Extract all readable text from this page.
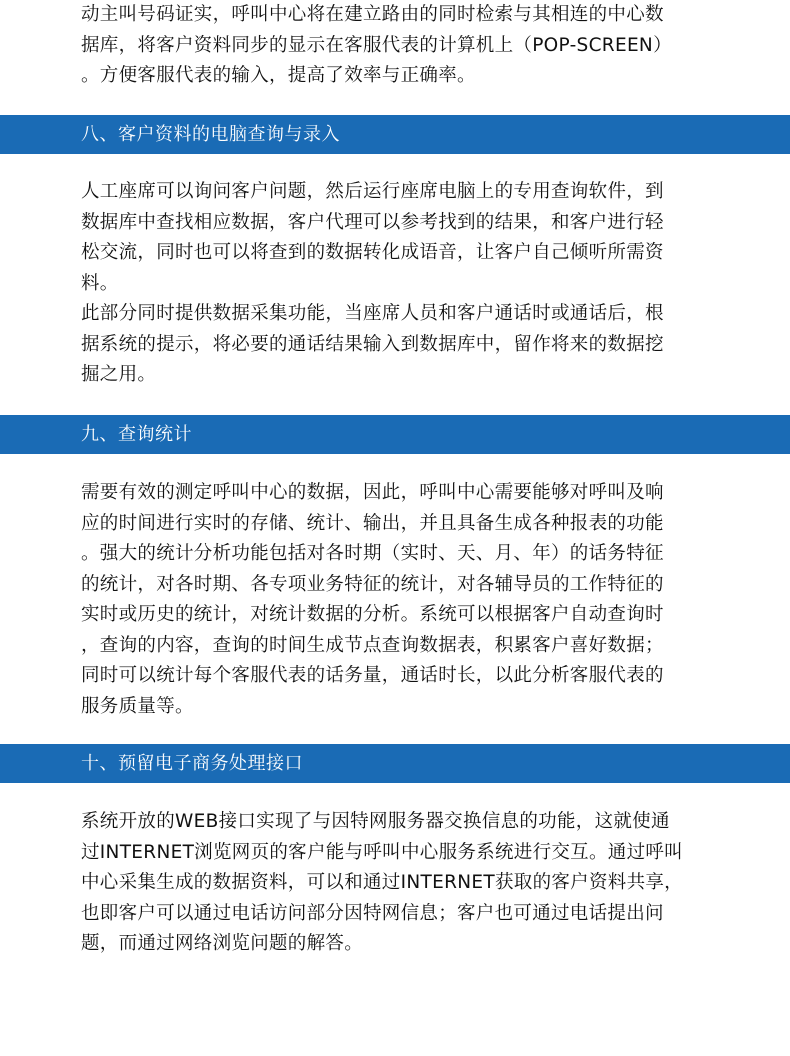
动主叫号码证实，呼叫中心将在建立路由的同时检索与其相连的中心数
据库，将客户资料同步的显示在客服代表的计算机上（POP-SCREEN）
。方便客服代表的输入，提高了效率与正确率。

八、客户资料的电脑查询与录入

人工座席可以询问客户问题，然后运行座席电脑上的专用查询软件，到
数据库中查找相应数据，客户代理可以参考找到的结果，和客户进行轻
松交流，同时也可以将查到的数据转化成语音，让客户自己倾听所需资
料。

此部分同时提供数据采集功能，当座席人员和客户通话时或通话后，根
据系统的提示，将必要的通话结果输入到数据库中，留作将来的数据挖
掘之用。

九、查询统计

需要有效的测定呼叫中心的数据，因此，呼叫中心需要能够对呼叫及响
应的时间进行实时的存储、统计、输出，并且具备生成各种报表的功能
。强大的统计分析功能包括对各时期（实时、天、月、年）的话务特征
的统计，对各时期、各专项业务特征的统计，对各辅导员的工作特征的
实时或历史的统计，对统计数据的分析。系统可以根据客户自动查询时
，查询的内容，查询的时间生成节点查询数据表，积累客户喜好数据；
同时可以统计每个客服代表的话务量，通话时长，以此分析客服代表的
服务质量等。

十、预留电子商务处理接口

系统开放的WEB接口实现了与因特网服务器交换信息的功能，这就使通
过INTERNET浏览网页的客户能与呼叫中心服务系统进行交互。通过呼叫
中心采集生成的数据资料，可以和通过INTERNET获取的客户资料共享，
也即客户可以通过电话访问部分因特网信息；客户也可通过电话提出问
题，而通过网络浏览问题的解答。
